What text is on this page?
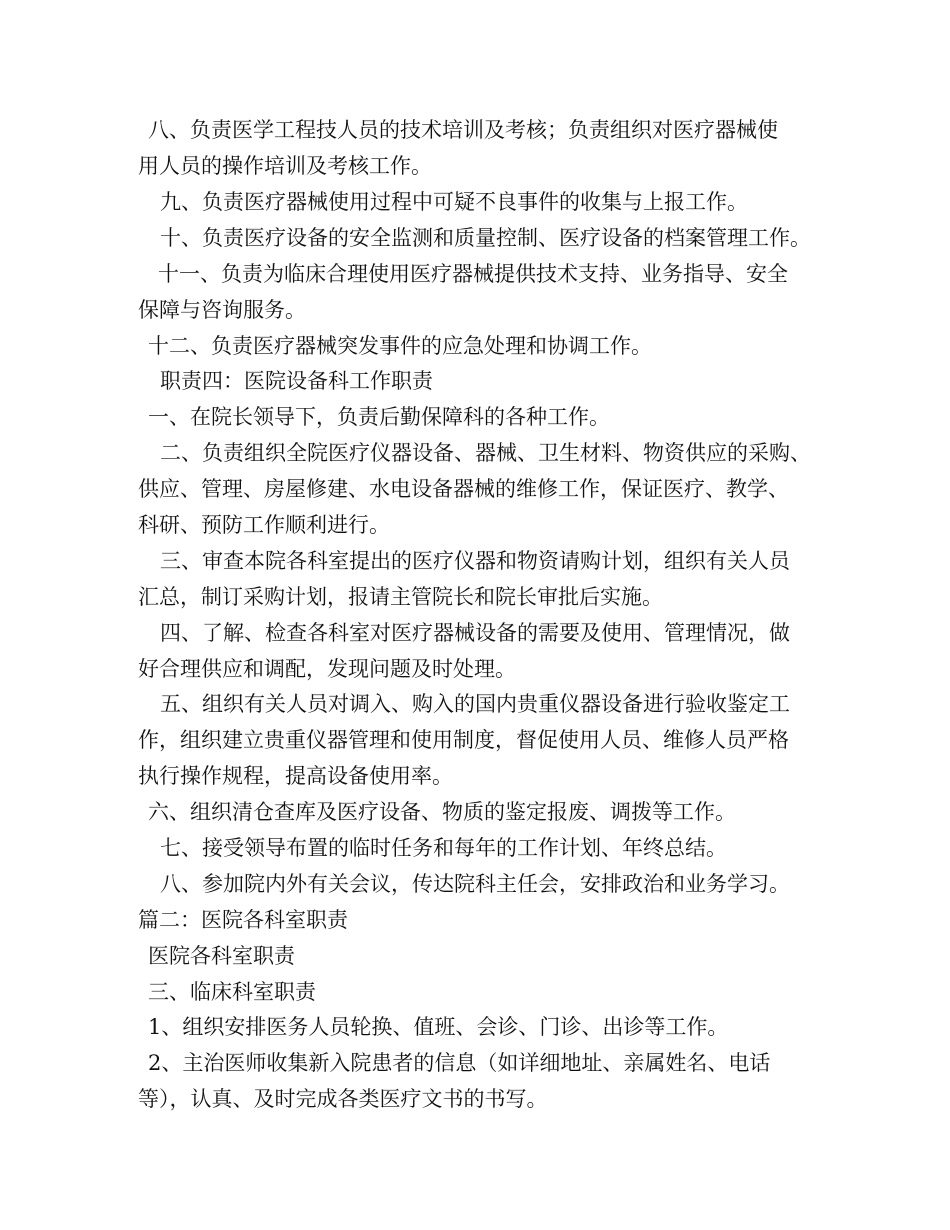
八、负责医学工程技人员的技术培训及考核；负责组织对医疗器械使

用人员的操作培训及考核工作。

九、负责医疗器械使用过程中可疑不良事件的收集与上报工作。

十、负责医疗设备的安全监测和质量控制、医疗设备的档案管理工作。

十一、负责为临床合理使用医疗器械提供技术支持、业务指导、安全

保障与咨询服务。

十二、负责医疗器械突发事件的应急处理和协调工作。

职责四：医院设备科工作职责

一、在院长领导下，负责后勤保障科的各种工作。

二、负责组织全院医疗仪器设备、器械、卫生材料、物资供应的采购、

供应、管理、房屋修建、水电设备器械的维修工作，保证医疗、教学、

科研、预防工作顺利进行。

三、审查本院各科室提出的医疗仪器和物资请购计划，组织有关人员

汇总，制订采购计划，报请主管院长和院长审批后实施。

四、了解、检查各科室对医疗器械设备的需要及使用、管理情况，做

好合理供应和调配，发现问题及时处理。

五、组织有关人员对调入、购入的国内贵重仪器设备进行验收鉴定工

作，组织建立贵重仪器管理和使用制度，督促使用人员、维修人员严格

执行操作规程，提高设备使用率。

六、组织清仓查库及医疗设备、物质的鉴定报废、调拨等工作。

七、接受领导布置的临时任务和每年的工作计划、年终总结。

八、参加院内外有关会议，传达院科主任会，安排政治和业务学习。

篇二：医院各科室职责

医院各科室职责

三、临床科室职责

1、组织安排医务人员轮换、值班、会诊、门诊、出诊等工作。

2、主治医师收集新入院患者的信息（如详细地址、亲属姓名、电话

等），认真、及时完成各类医疗文书的书写。
